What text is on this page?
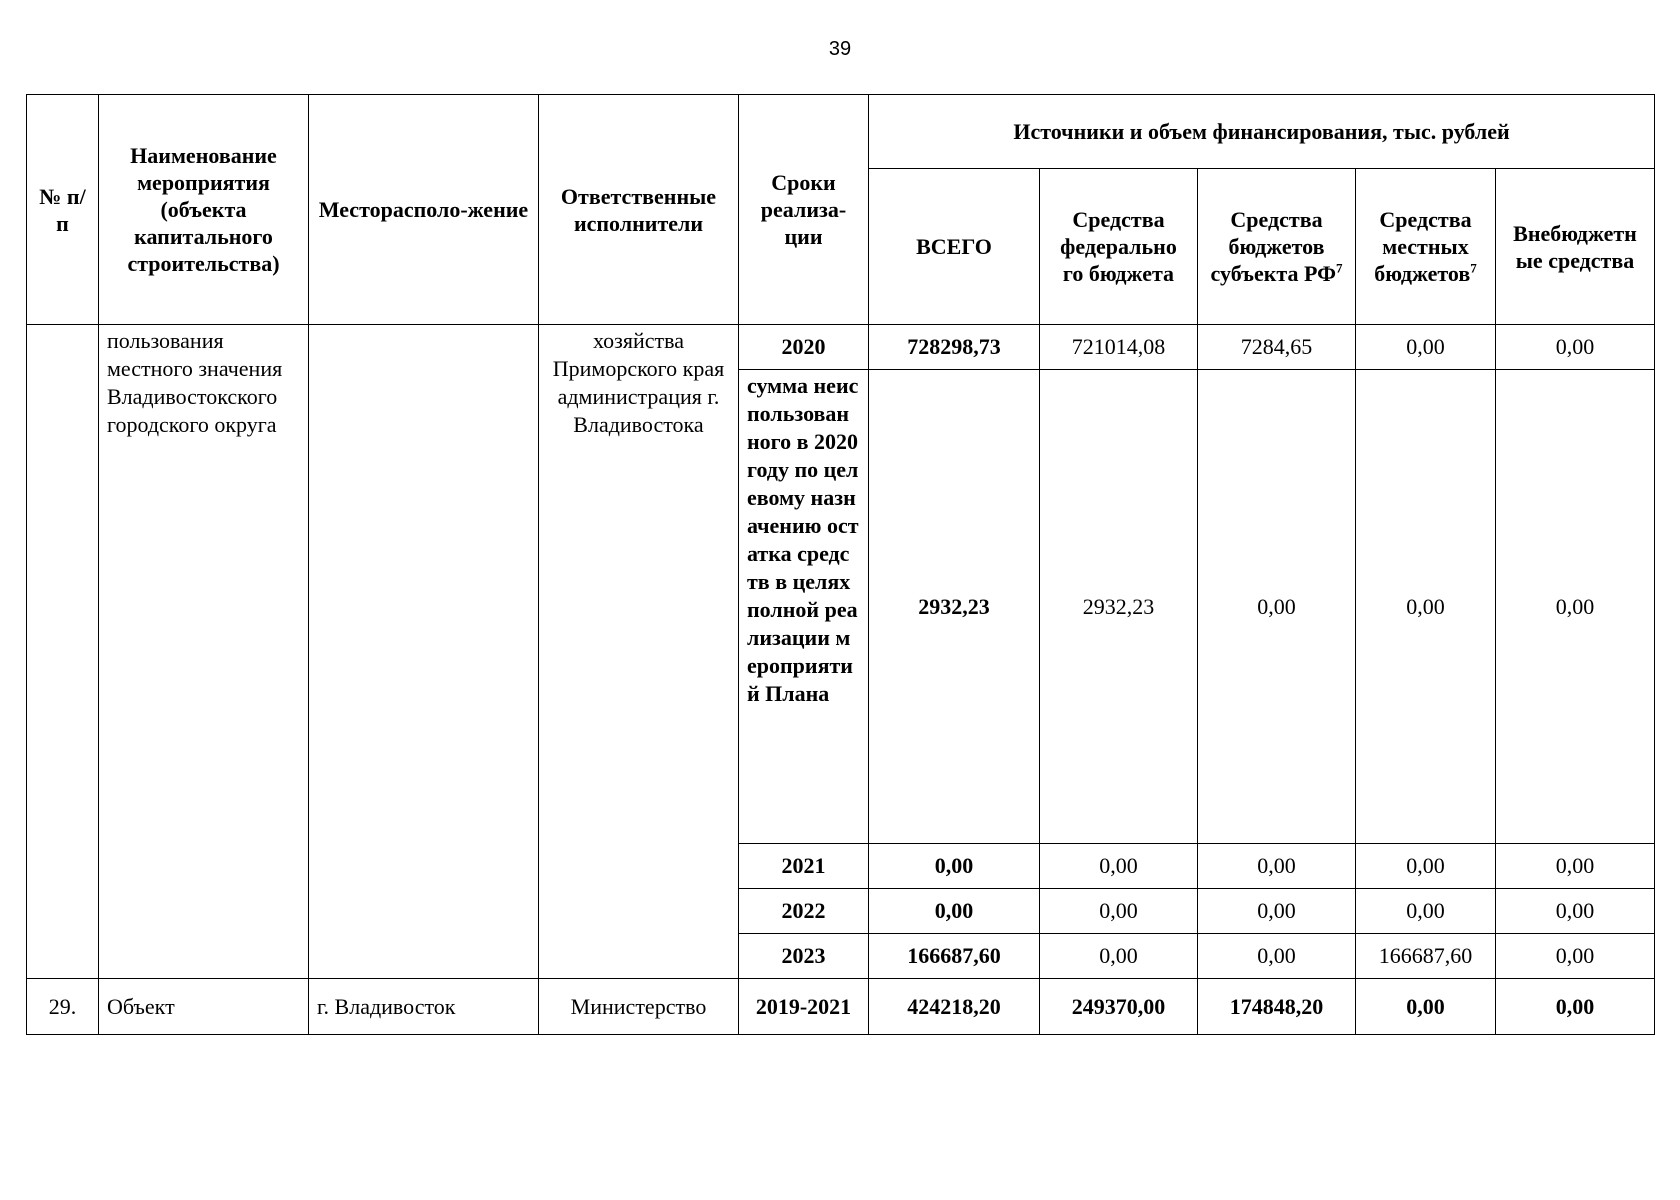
39
№ п/п	Наименование мероприятия (объекта капитального строительства)	Месторасполо-жение	Ответственные исполнители	Сроки реализа-ции	Источники и объем финансирования, тыс. рублей				
					ВСЕГО	Средства федерально го бюджета	Средства бюджетов субъекта $РФ^7$	Средства местных бюджетов$^7$	Внебюджетн ые средства
	пользования местного значения Владивостокского городского округа		хозяйства Приморского края администрация г. Владивостока	2020	728298,73	721014,08	7284,65	0,00	0,00
				сумма неиспользованного в 2020 году по целевому назначению остатка средств в целях полной реализации мероприятий Плана	2932,23	2932,23	0,00	0,00	0,00
				2021	0,00	0,00	0,00	0,00	0,00
				2022	0,00	0,00	0,00	0,00	0,00
				2023	166687,60	0,00	0,00	166687,60	0,00
29.	Объект	г. Владивосток	Министерство	2019-2021	424218,20	249370,00	174848,20	0,00	0,00
